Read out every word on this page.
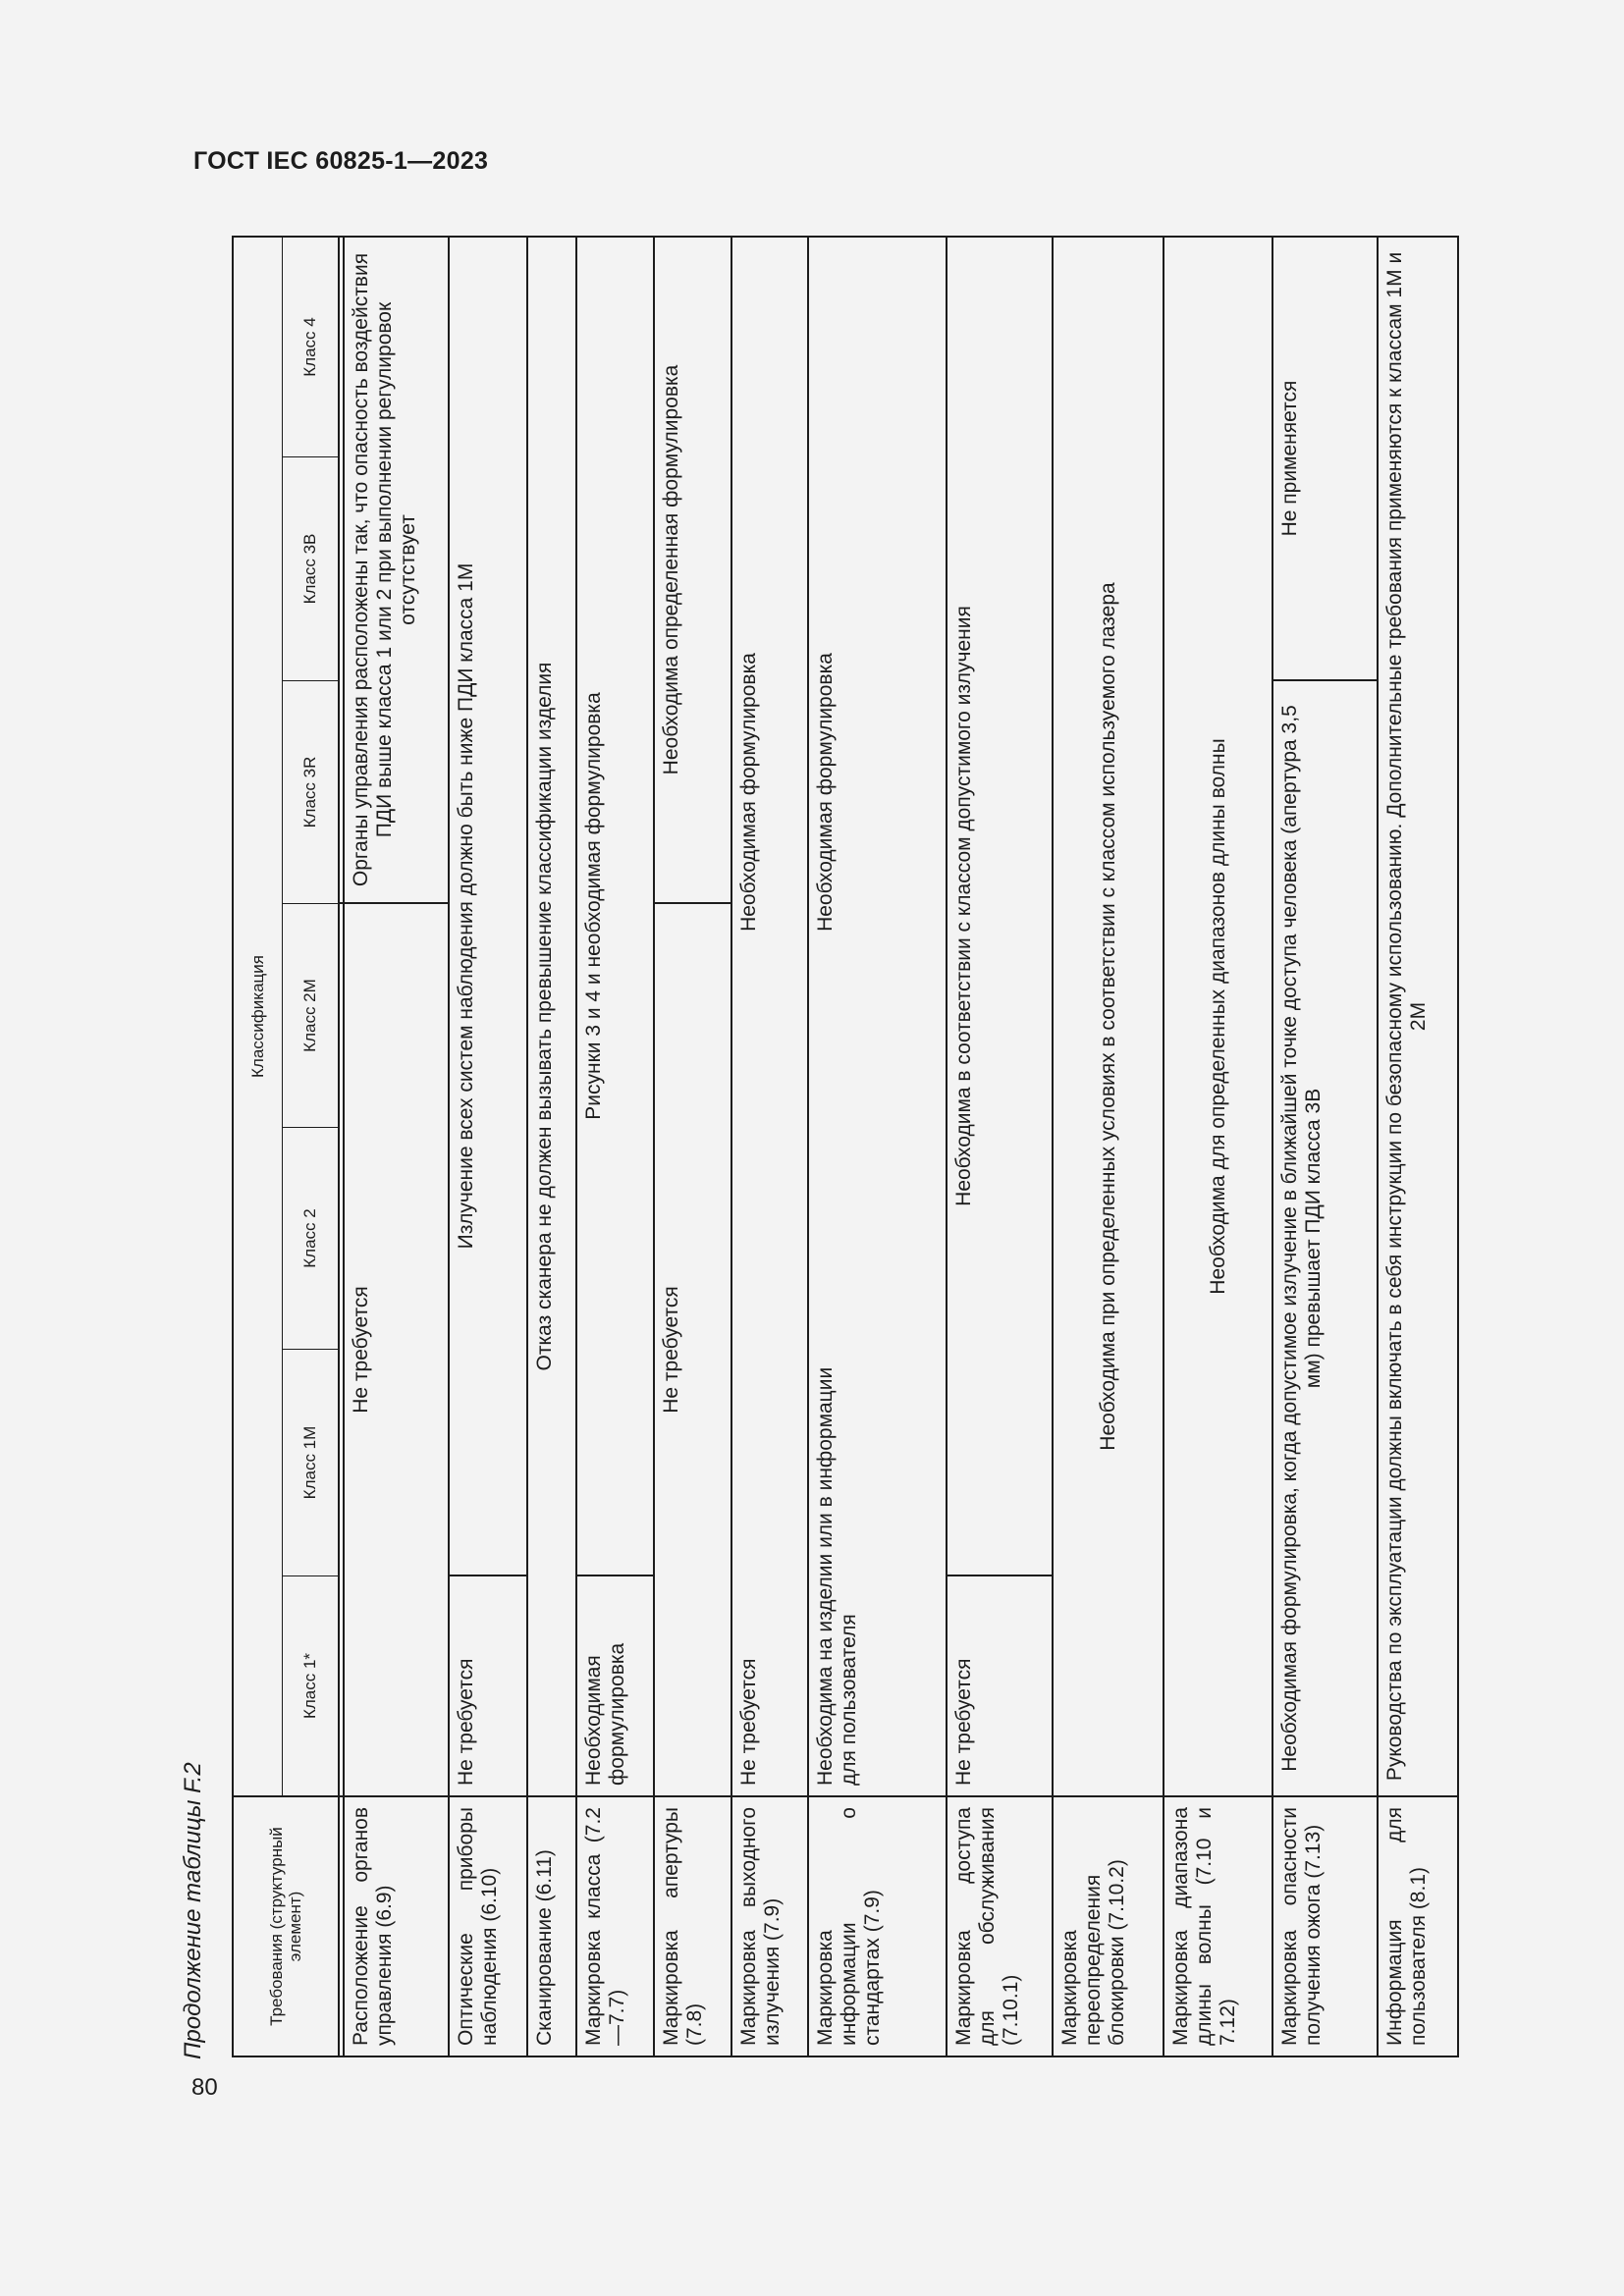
ГОСТ IEC 60825-1—2023
80
Продолжение таблицы F.2	Требования (структурный элемент)
Классификация
Класс 1*
Класс 1М
Класс 2
Класс 2М
Класс 3R
Класс 3B
Класс 4
Расположение органов управления (6.9)
Не требуется
Органы управления расположены так, что опасность воздействия ПДИ выше класса 1 или 2 при выполнении регулировок отсутствует
Оптические приборы наблюдения (6.10)
Не требуется
Излучение всех систем наблюдения должно быть ниже ПДИ класса 1М
Сканирование (6.11)
Отказ сканера не должен вызывать превышение классификации изделия
Маркировка класса (7.2—7.7)
Необходимая формулировка
Рисунки 3 и 4 и необходимая формулировка
Маркировка апертуры (7.8)
Не требуется
Необходима определенная формулировка
Маркировка выходного излучения (7.9)
Не требуется
Необходимая формулировка
Маркировка информации о стандартах (7.9)
Необходима на изделии или в информации для пользователя
Необходимая формулировка
Маркировка доступа для обслуживания (7.10.1)
Не требуется
Необходима в соответствии с классом допустимого излучения
Маркировка переопределения блокировки (7.10.2)
Необходима при определенных условиях в соответствии с классом используемого лазера
Маркировка диапазона длины волны (7.10 и 7.12)
Необходима для определенных диапазонов длины волны
Маркировка опасности получения ожога (7.13)
Необходимая формулировка, когда допустимое излучение в ближайшей точке доступа человека (апертура 3,5 мм) превышает ПДИ класса 3B
Не применяется
Информация для пользователя (8.1)
Руководства по эксплуатации должны включать в себя инструкции по безопасному использованию. Дополнительные требования применяются к классам 1М и 2М
